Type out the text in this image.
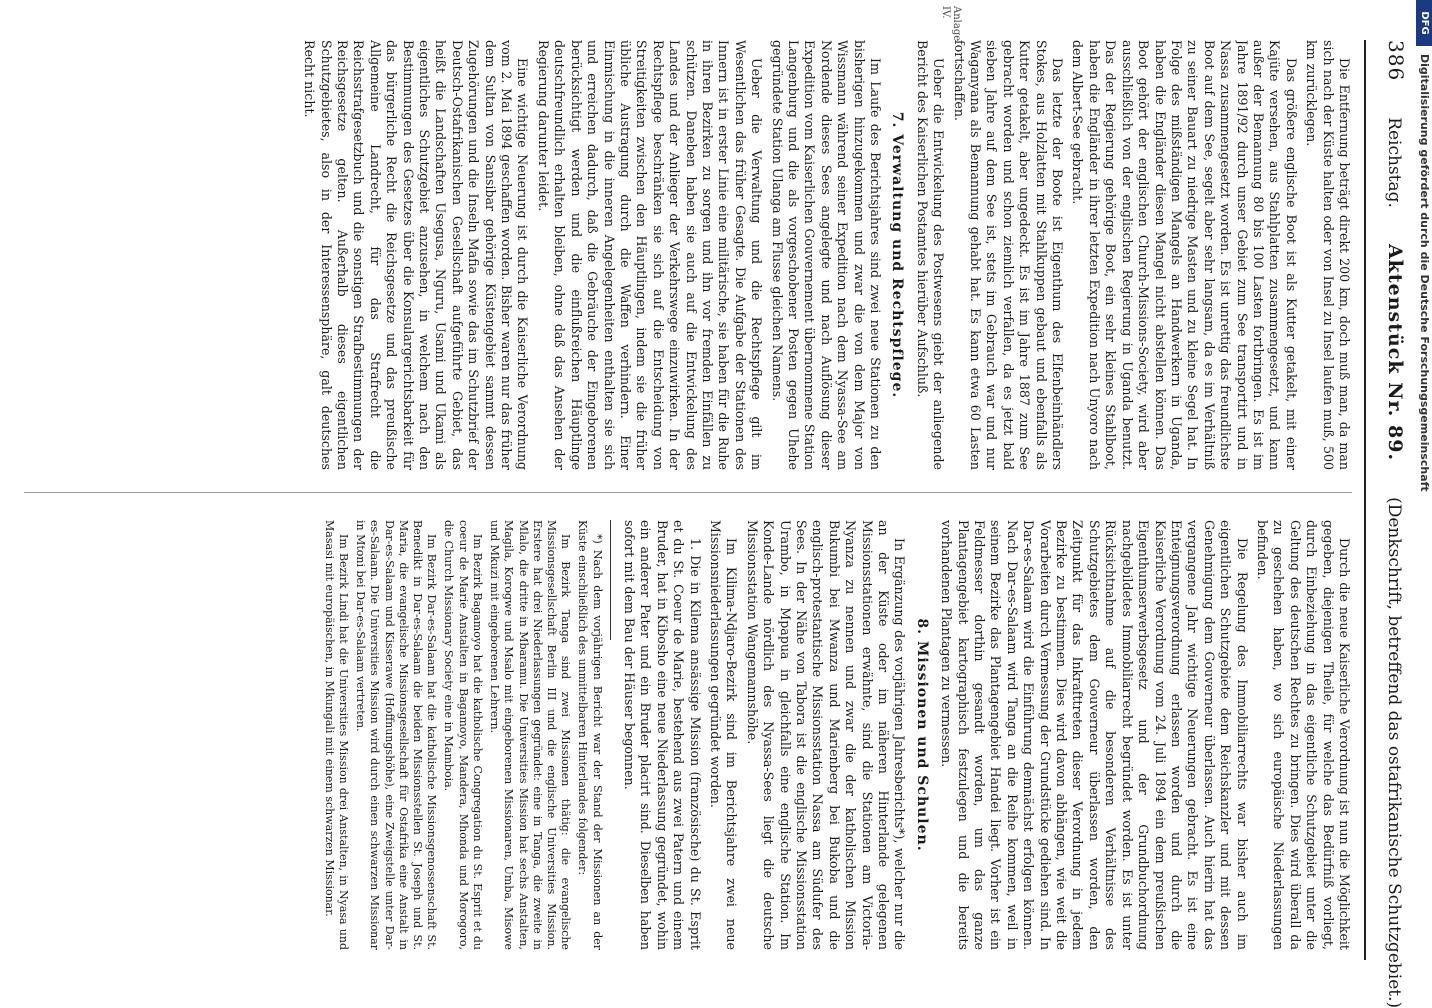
DFG
Digitalisierung gefördert durch die Deutsche Forschungsgemeinschaft
386
Reichstag.
Aktenstück Nr. 89.
(Denkschrift, betreffend das ostafrikanische Schutzgebiet.)
Anlage IV.

Die Entfernung beträgt direkt 200 km, doch muß man, da man sich nach der Küste halten oder von Insel zu Insel laufen muß, 500 km zurücklegen.

Das größere englische Boot ist als Kutter getakelt, mit einer Kajüte versehen, aus Stahlplatten zusammengesetzt, und kann außer der Bemannung 80 bis 100 Lasten fortbringen. Es ist im Jahre 1891/92 durch unser Gebiet zum See transportirt und in Nassa zusammengesetzt worden. Es ist unrettig das freundlichste Boot auf dem See, segelt aber sehr langsam, da es im Verhältniß zu seiner Bauart zu niedrige Masten und zu kleine Segel hat. In Folge des mißständigen Mangels an Handwerkern in Uganda, haben die Engländer diesen Mangel nicht abstellen können. Das Boot gehört der englischen Church-Missions-Society, wird aber ausschließlich von der englischen Regierung in Uganda benutzt. Das der Regierung gehörige Boot, ein sehr kleines Stahlboot, haben die Engländer in ihrer letzten Expedition nach Unyoro nach dem Albert-See gebracht.

Das letzte der Boote ist Eigenthum des Elfenbeinhändlers Stokes, aus Holzlatten mit Stahlkuppen gebaut und ebenfalls als Kutter getakelt, aber ungedeckt. Es ist im Jahre 1887 zum See gebracht worden und schon ziemlich verfallen, da es jetzt bald sieben Jahre auf dem See ist, stets im Gebrauch war und nur Waganyana als Bemannung gehabt hat. Es kann etwa 60 Lasten fortschaffen.

Ueber die Entwickelung des Postwesens giebt der anliegende Bericht des Kaiserlichen Postamtes hierüber Aufschluß.

7. Verwaltung und Rechtspflege.

Im Laufe des Berichtsjahres sind zwei neue Stationen zu den bisherigen hinzugekommen und zwar die von dem Major von Wissmann während seiner Expedition nach dem Nyassa-See am Nordende dieses Sees angelegte und nach Auflösung dieser Expedition vom Kaiserlichen Gouvernement übernommene Station Langenburg und die als vorgeschobener Posten gegen Uhehe gegründete Station Ulanga am Flusse gleichen Namens.

Ueber die Verwaltung und die Rechtspflege gilt im Wesentlichen das früher Gesagte. Die Aufgabe der Stationen des Innern ist in erster Linie eine militärische, sie haben für die Ruhe in ihren Bezirken zu sorgen und ihn vor fremden Einfällen zu schützen. Daneben haben sie auch auf die Entwickelung des Landes und der Anlieger der Verkehrswege einzuwirken. In der Rechtspflege beschränken sie sich auf die Entscheidung von Streitigkeiten zwischen den Häuptlingen, indem sie die früher übliche Austragung durch die Waffen verhindern. Einer Einmischung in die inneren Angelegenheiten enthalten sie sich und erreichen dadurch, daß die Gebräuche der Eingeborenen berücksichtigt werden und die einflußreichen Häuptlinge deutschfreundlich erhalten bleiben, ohne daß das Ansehen der Regierung darunter leidet.

Eine wichtige Neuerung ist durch die Kaiserliche Verordnung vom 2. Mai 1894 geschaffen worden. Bisher waren nur das früher dem Sultan von Sansibar gehörige Küstengebiet sammt dessen Zugehörungen und die Inseln Mafia sowie das im Schutzbrief der Deutsch-Ostafrikanischen Gesellschaft aufgeführte Gebiet, das heißt die Landschaften Usegusa, Nguru, Usami und Ukami als eigentliches Schutzgebiet anzusehen, in welchem nach den Bestimmungen des Gesetzes über die Konsulargerichtsbarkeit für das bürgerliche Recht die Reichsgesetze und das preußische Allgemeine Landrecht, für das Strafrecht die Reichsstrafgesetzbuch und die sonstigen Strafbestimmungen der Reichsgesetze gelten. Außerhalb dieses eigentlichen Schutzgebietes, also in der Interessensphäre, galt deutsches Recht nicht.

Durch die neue Kaiserliche Verordnung ist nun die Möglichkeit gegeben, diejenigen Theile, für welche das Bedürfniß vorliegt, durch Einbeziehung in das eigentliche Schutzgebiet unter die Geltung des deutschen Rechtes zu bringen. Dies wird überall da zu geschehen haben, wo sich europäische Niederlassungen befinden.

Die Regelung des Immobiliarrechts war bisher auch im eigentlichen Schutzgebiete dem Reichskanzler und mit dessen Genehmigung dem Gouverneur überlassen. Auch hierin hat das vergangene Jahr wichtige Neuerungen gebracht. Es ist eine Enteignungsverordnung erlassen worden und durch die Kaiserliche Verordnung vom 24. Juli 1894 ein dem preußischen Eigenthumserwerbsgesetz und der Grundbuchordnung nachgebildetes Immobiliarrecht begründet worden. Es ist unter Rücksichtnahme auf die besonderen Verhältnisse des Schutzgebietes dem Gouverneur überlassen worden, den Zeitpunkt für das Inkrafttreten dieser Verordnung in jedem Bezirke zu bestimmen. Dies wird davon abhängen, wie weit die Vorarbeiten durch Vermessung der Grundstücke gediehen sind. In Dar-es-Salaam wird die Einführung demnächst erfolgen können. Nach Dar-es-Salaam wird Tanga an die Reihe kommen, weil in seinem Bezirke das Plantagengebiet Handei liegt. Vorher ist ein Feldmesser dorthin gesandt worden, um das ganze Plantagengebiet kartographisch festzulegen und die bereits vorhandenen Plantagen zu vermessen.

8. Missionen und Schulen.

In Ergänzung des vorjährigen Jahresberichts*), welcher nur die an der Küste oder im näheren Hinterlande gelegenen Missionsstationen erwähnte, sind die Stationen am Victoria-Nyanza zu nennen und zwar die der katholischen Mission Bukumbi bei Mwanza und Marienberg bei Bukoba und die englisch-protestantische Missionsstation Nassa am Südufer des Sees. In der Nähe von Tabora ist die englische Missionsstation Urambo, in Mpapua in gleichfalls eine englische Station. Im Konde-Lande nördlich des Nyassa-Sees liegt die deutsche Missionsstation Wangemannshöhe.

Im Kilima-Ndjaro-Bezirk sind im Berichtsjahre zwei neue Missionsniederlassungen gegründet worden.

1. Die in Kilema ansässige Mission (französische) du St. Esprit et du St. Coeur de Marie, bestehend aus zwei Patern und einem Bruder, hat in Kibosho eine neue Niederlassung gegründet, wohin ein anderer Pater und ein Bruder placirt sind. Dieselben haben sofort mit dem Bau der Häuser begonnen.

*) Nach dem vorjährigen Bericht war der Stand der Missionen an der Küste einschließlich des unmittelbaren Hinterlandes folgender:

Im Bezirk Tanga sind zwei Missionen thätig: die evangelische Missionsgesellschaft Berlin III und die englische Universities Mission. Erstere hat drei Niederlassungen gegründet: eine in Tanga, die zweite in Mlalo, die dritte in Mbaramu. Die Universities Mission hat sechs Anstalten, Magila, Korogwe und Msalo mit eingeborenen Missionaren, Umba, Misowe und Mkuzi mit eingeborenen Lehrern.

Im Bezirk Bagamoyo hat die katholische Congregation du St. Esprit et du coeur de Marie Anstalten in Bagamoyo, Mandera, Mhonda und Morogoro, die Church Missionary Society eine in Mamboia.

Im Bezirk Dar-es-Salaam hat die katholische Missionsgenossenschaft St. Benedikt in Dar-es-Salaam die beiden Missionsstellen St. Joseph und St. Maria, die evangelische Missionsgesellschaft für Ostafrika eine Anstalt in Dar-es-Salaam und Kisserawe (Hoffnungshöhe), eine Zweigstelle unter Dar-es-Salaam. Die Universities Mission wird durch einen schwarzen Missionar in Mtoni bei Dar-es-Salaam vertreten.

Im Bezirk Lindi hat die Universities Mission drei Anstalten, in Nyasa und Masasi mit europäischen, in Mkungali mit einem schwarzen Missionar.
